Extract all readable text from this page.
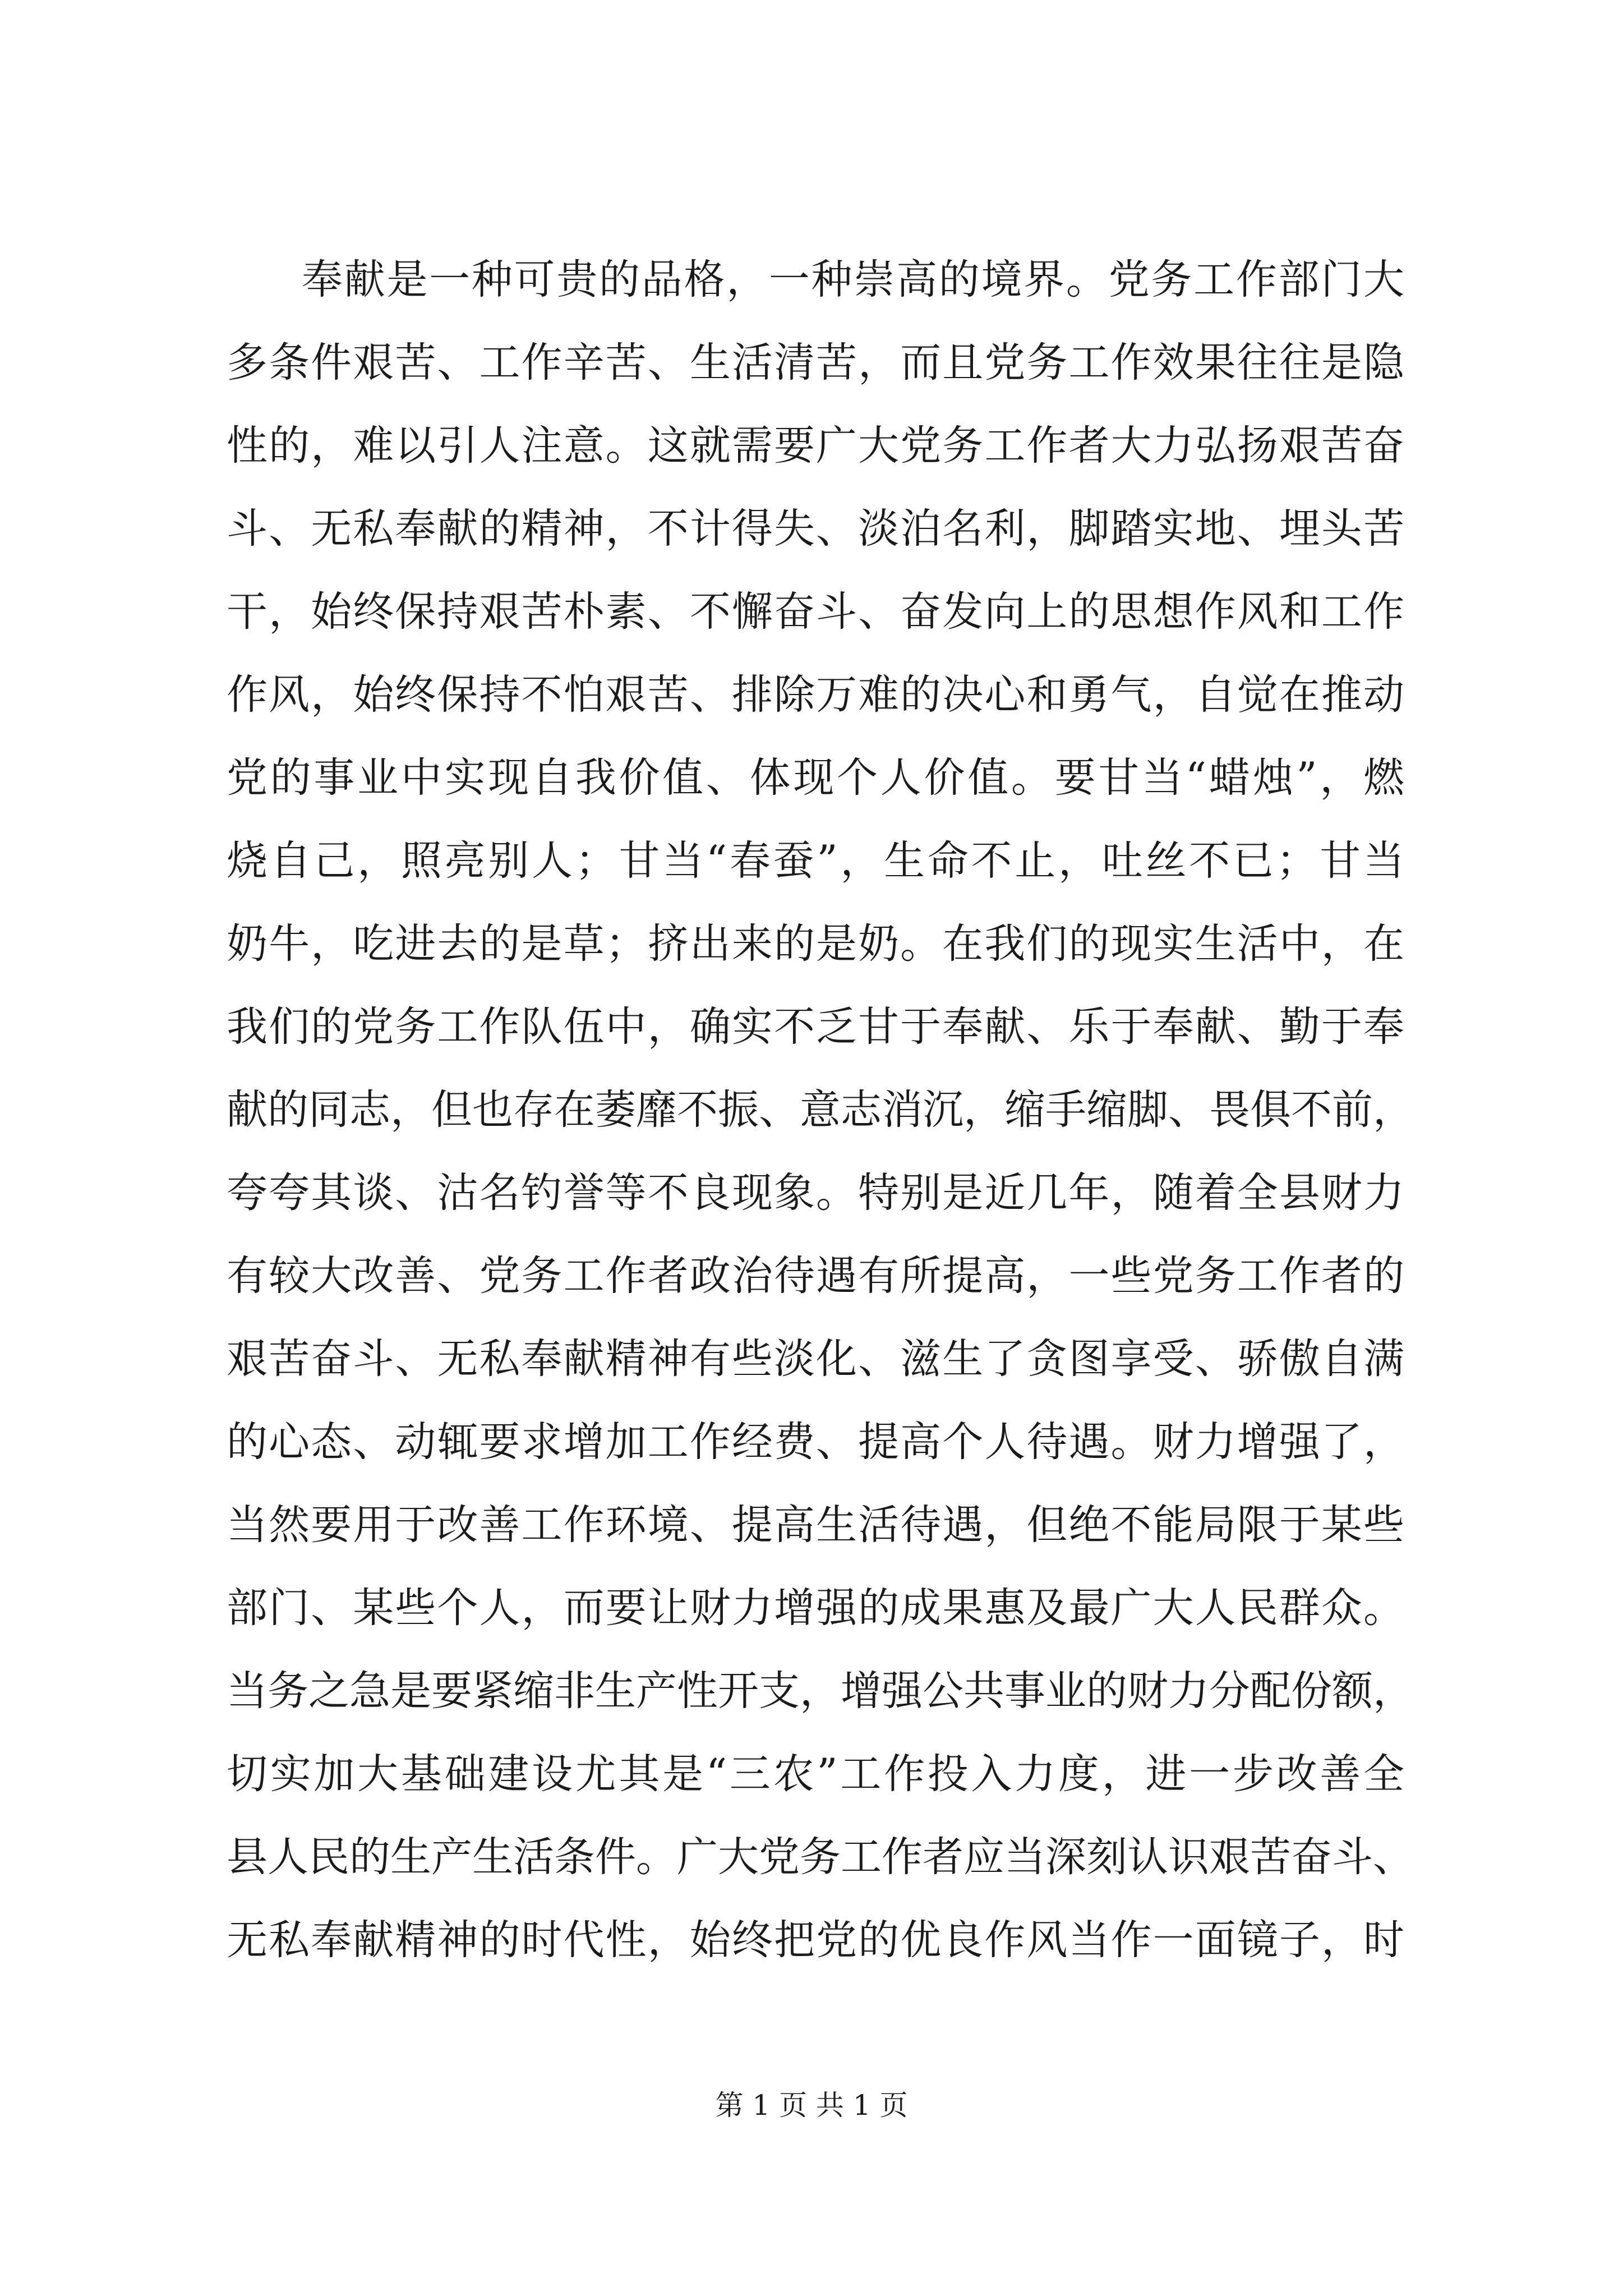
奉献是一种可贵的品格，一种崇高的境界。党务工作部门大
多条件艰苦、工作辛苦、生活清苦，而且党务工作效果往往是隐
性的，难以引人注意。这就需要广大党务工作者大力弘扬艰苦奋
斗、无私奉献的精神，不计得失、淡泊名利，脚踏实地、埋头苦
干，始终保持艰苦朴素、不懈奋斗、奋发向上的思想作风和工作
作风，始终保持不怕艰苦、排除万难的决心和勇气，自觉在推动
党的事业中实现自我价值、体现个人价值。要甘当“蜡烛”，燃
烧自己，照亮别人；甘当“春蚕”，生命不止，吐丝不已；甘当
奶牛，吃进去的是草；挤出来的是奶。在我们的现实生活中，在
我们的党务工作队伍中，确实不乏甘于奉献、乐于奉献、勤于奉
献的同志，但也存在萎靡不振、意志消沉，缩手缩脚、畏俱不前，
夸夸其谈、沽名钓誉等不良现象。特别是近几年，随着全县财力
有较大改善、党务工作者政治待遇有所提高，一些党务工作者的
艰苦奋斗、无私奉献精神有些淡化、滋生了贪图享受、骄傲自满
的心态、动辄要求增加工作经费、提高个人待遇。财力增强了，
当然要用于改善工作环境、提高生活待遇，但绝不能局限于某些
部门、某些个人，而要让财力增强的成果惠及最广大人民群众。
当务之急是要紧缩非生产性开支，增强公共事业的财力分配份额，
切实加大基础建设尤其是“三农”工作投入力度，进一步改善全
县人民的生产生活条件。广大党务工作者应当深刻认识艰苦奋斗、
无私奉献精神的时代性，始终把党的优良作风当作一面镜子，时
第 1 页 共 1 页
